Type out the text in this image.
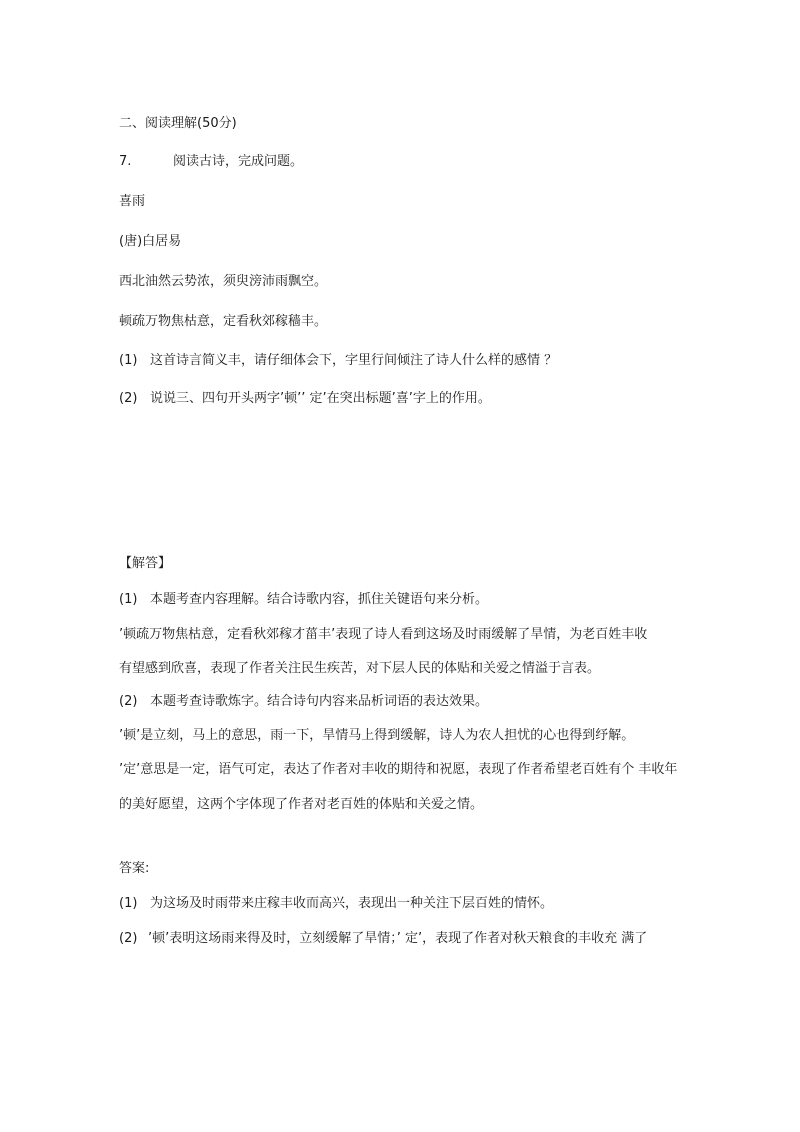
二、阅读理解(50分)
7.	阅读古诗，完成问题。
喜雨
(唐)白居易
西北油然云势浓，须臾滂沛雨飘空。
顿疏万物焦枯意，定看秋郊稼穑丰。
(1) 这首诗言简义丰，请仔细体会下，字里行间倾注了诗人什么样的感情 ？
(2) 说说三、四句开头两字’顿’’ 定’在突出标题’喜’字上的作用。
【解答】
(1) 本题考查内容理解。结合诗歌内容，抓住关键语句来分析。
’顿疏万物焦枯意，定看秋郊稼才菑丰’表现了诗人看到这场及时雨缓解了旱情，为老百姓丰收
有望感到欣喜，表现了作者关注民生疾苦，对下层人民的体贴和关爱之情溢于言表。
(2) 本题考查诗歌炼字。结合诗句内容来品析词语的表达效果。
’顿’是立刻，马上的意思，雨一下，旱情马上得到缓解，诗人为农人担忧的心也得到纾解。
’定’意思是一定，语气可定，表达了作者对丰收的期待和祝愿，表现了作者希望老百姓有个 丰收年
的美好愿望，这两个字体现了作者对老百姓的体贴和关爱之情。
答案:
(1) 为这场及时雨带来庄稼丰收而高兴，表现出一种关注下层百姓的情怀。
(2) ’顿’表明这场雨来得及时，立刻缓解了旱情；’ 定’，表现了作者对秋天粮食的丰收充 满了
